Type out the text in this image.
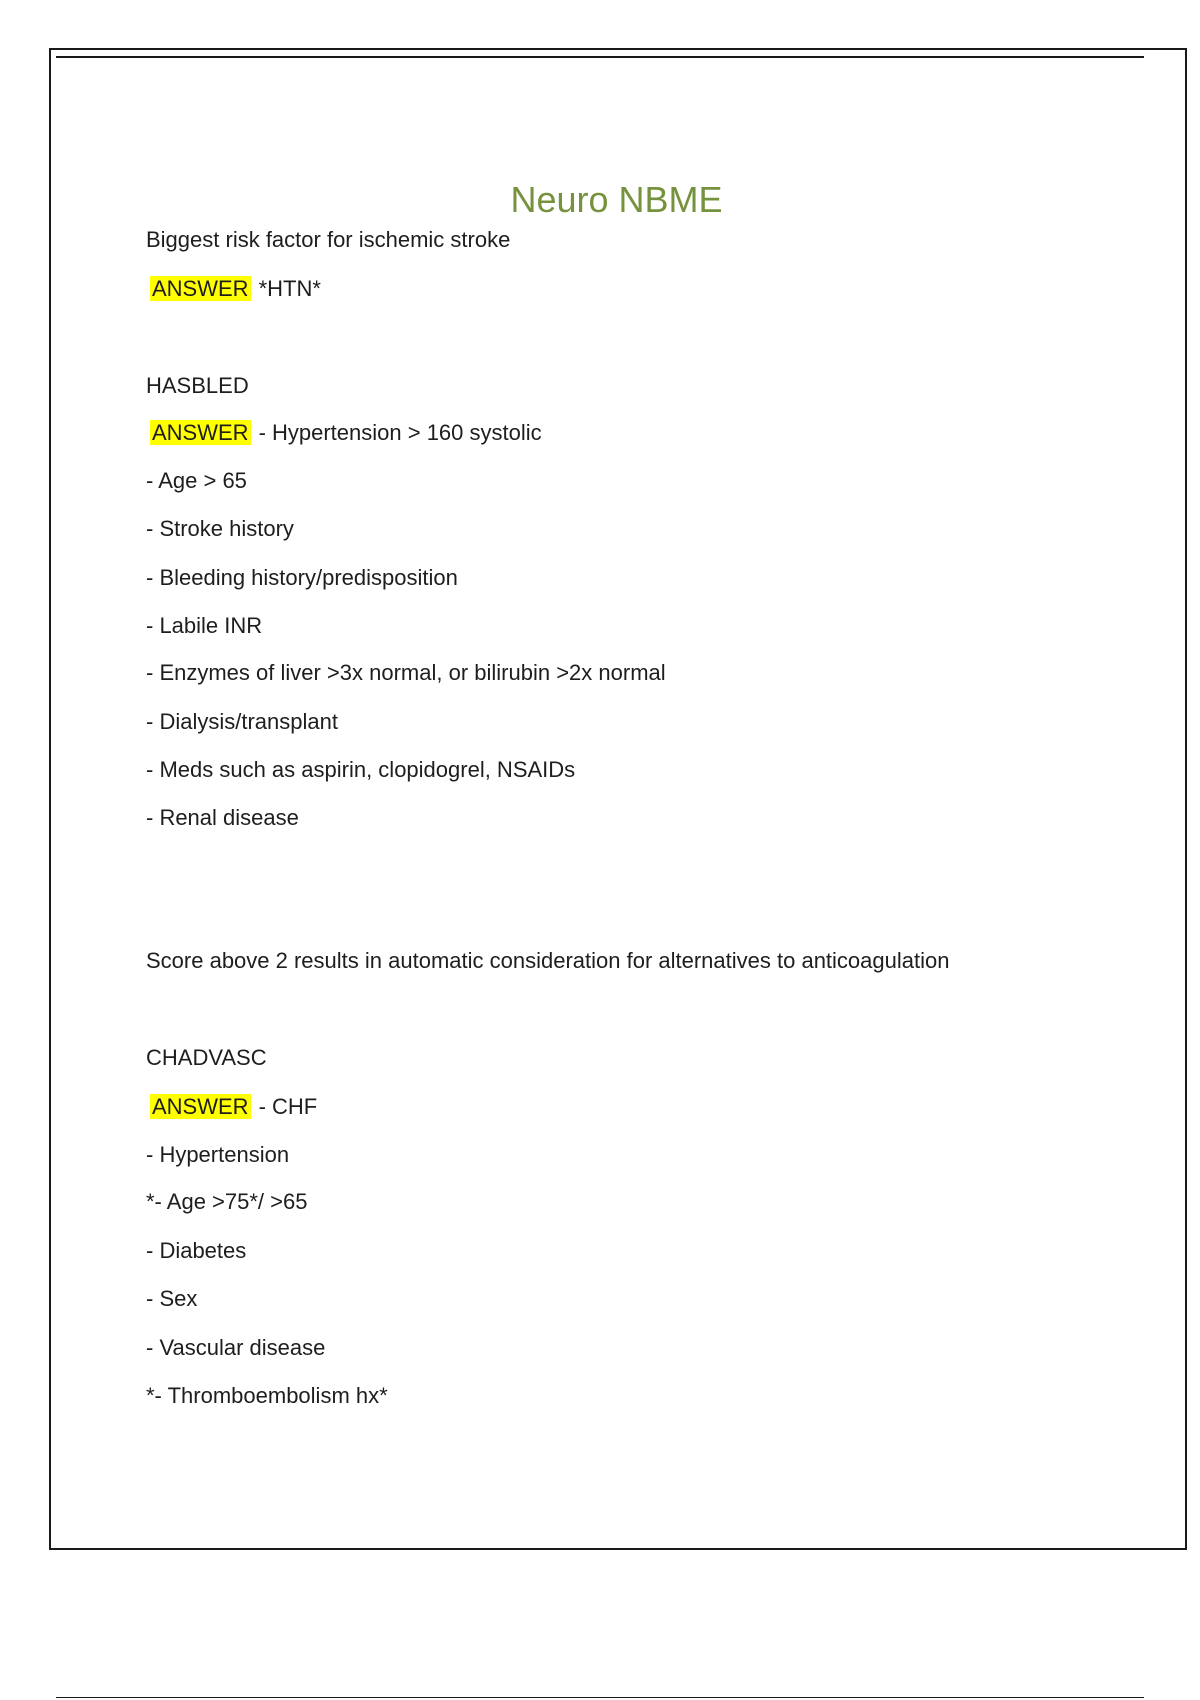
Neuro NBME
Biggest risk factor for ischemic stroke
ANSWER *HTN*
HASBLED
ANSWER - Hypertension > 160 systolic
- Age > 65
- Stroke history
- Bleeding history/predisposition
- Labile INR
- Enzymes of liver >3x normal, or bilirubin >2x normal
- Dialysis/transplant
- Meds such as aspirin, clopidogrel, NSAIDs
- Renal disease
Score above 2 results in automatic consideration for alternatives to anticoagulation
CHADVASC
ANSWER - CHF
- Hypertension
*- Age >75*/ >65
- Diabetes
- Sex
- Vascular disease
*- Thromboembolism hx*
